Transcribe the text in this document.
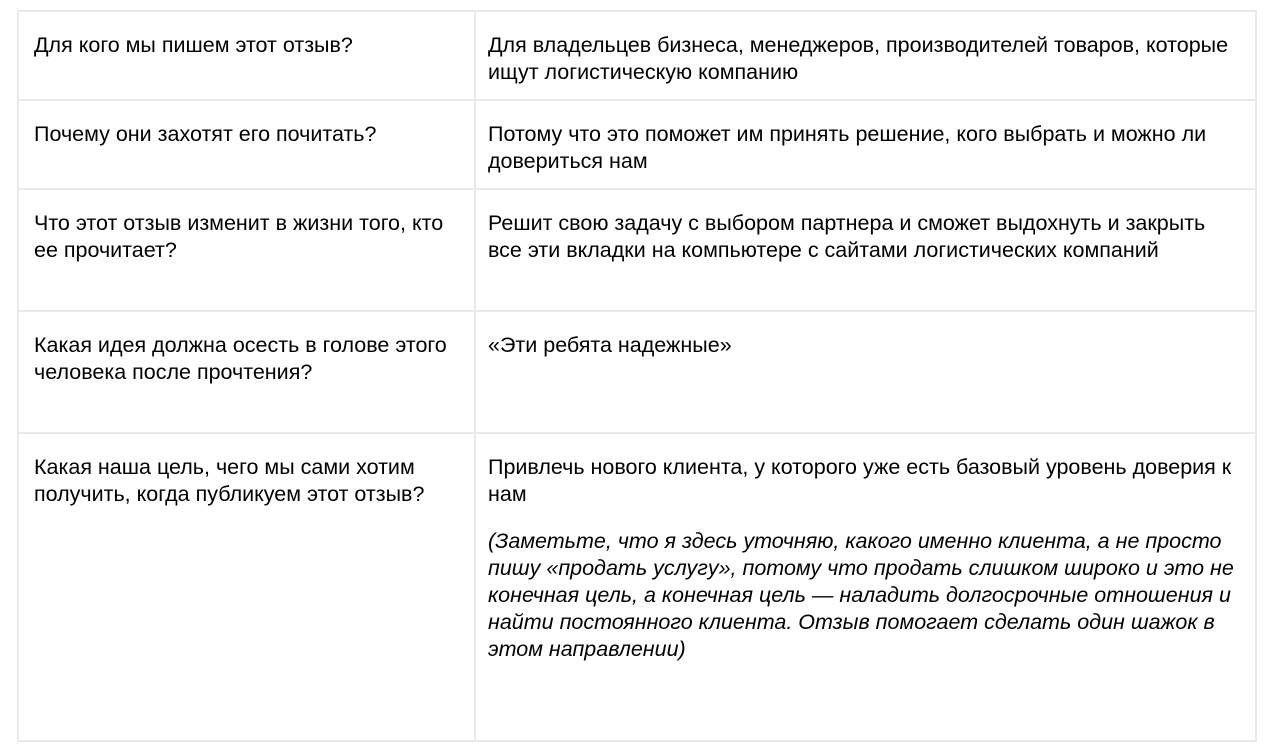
Для кого мы пишем этот отзыв?	Для владельцев бизнеса, менеджеров, производителей товаров, которые ищут логистическую компанию
Почему они захотят его почитать?	Потому что это поможет им принять решение, кого выбрать и можно ли довериться нам
Что этот отзыв изменит в жизни того, кто ее прочитает?	Решит свою задачу с выбором партнера и сможет выдохнуть и закрыть все эти вкладки на компьютере с сайтами логистических компаний
Какая идея должна осесть в голове этого человека после прочтения?	«Эти ребята надежные»
Какая наша цель, чего мы сами хотим получить, когда публикуем этот отзыв?	Привлечь нового клиента, у которого уже есть базовый уровень доверия к нам
(Заметьте, что я здесь уточняю, какого именно клиента, а не просто пишу «продать услугу», потому что продать слишком широко и это не конечная цель, а конечная цель — наладить долгосрочные отношения и найти постоянного клиента. Отзыв помогает сделать один шажок в этом направлении)
